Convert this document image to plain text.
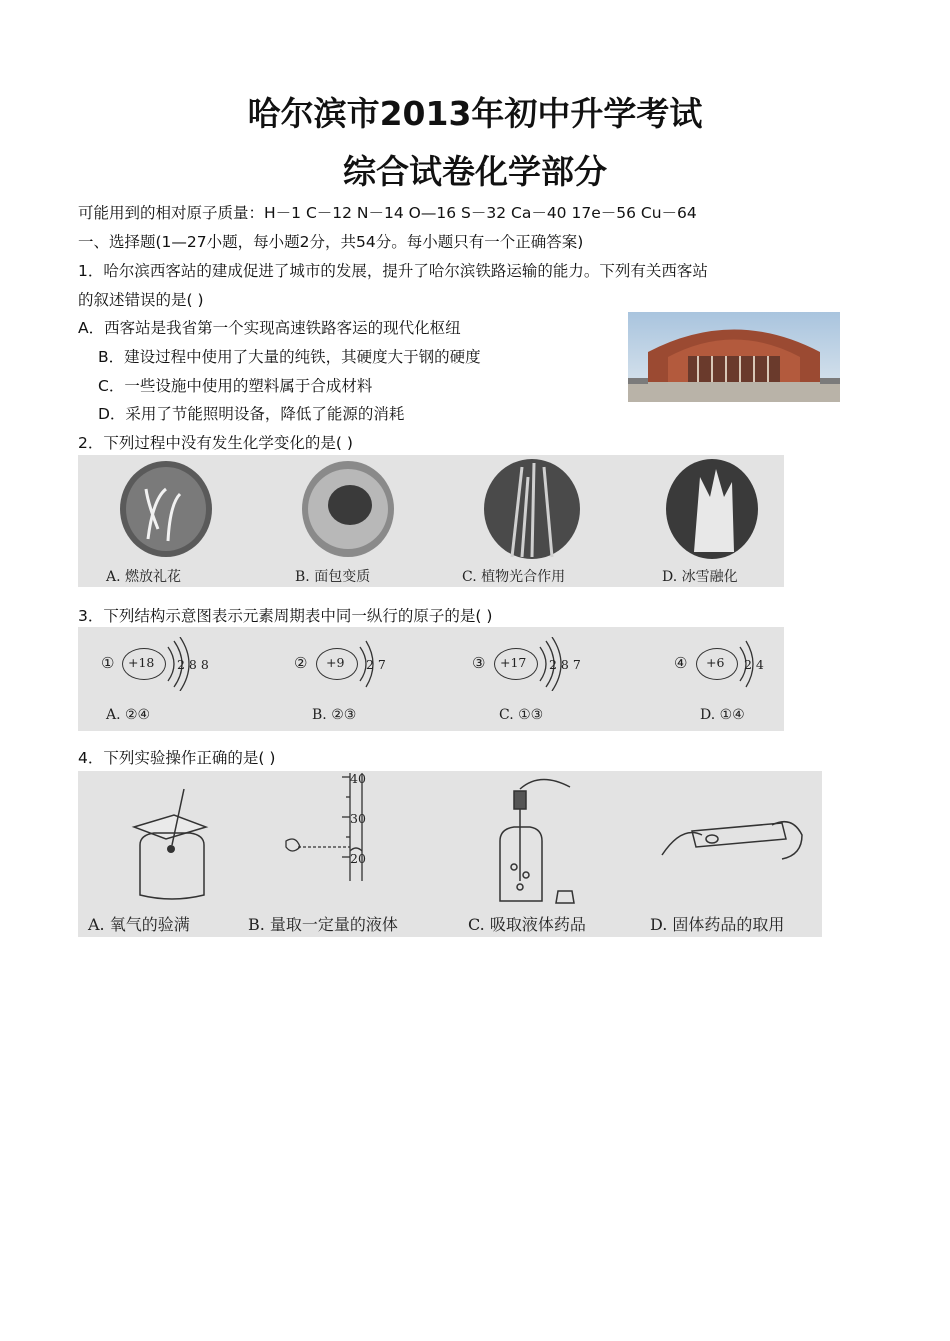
哈尔滨市2013年初中升学考试
综合试卷化学部分
可能用到的相对原子质量：H－1 C－12 N－14 O—16 S－32 Ca－40 17e－56 Cu－64
一、选择题(1—27小题，每小题2分，共54分。每小题只有一个正确答案)
1．哈尔滨西客站的建成促进了城市的发展，提升了哈尔滨铁路运输的能力。下列有关西客站
的叙述错误的是( )
A．西客站是我省第一个实现高速铁路客运的现代化枢纽
B．建设过程中使用了大量的纯铁，其硬度大于钢的硬度
C．一些设施中使用的塑料属于合成材料
D．采用了节能照明设备，降低了能源的消耗
2．下列过程中没有发生化学变化的是( )
A. 燃放礼花	B. 面包变质	C. 植物光合作用	D. 冰雪融化
3．下列结构示意图表示元素周期表中同一纵行的原子的是( )
① +18 2 8 8	② +9 2 7	③ +17 2 8 7	④ +6 2 4
A. ②④	B. ②③	C. ①③	D. ①④
4．下列实验操作正确的是( )
40
30
20
A. 氧气的验满	B. 量取一定量的液体	C. 吸取液体药品	D. 固体药品的取用
